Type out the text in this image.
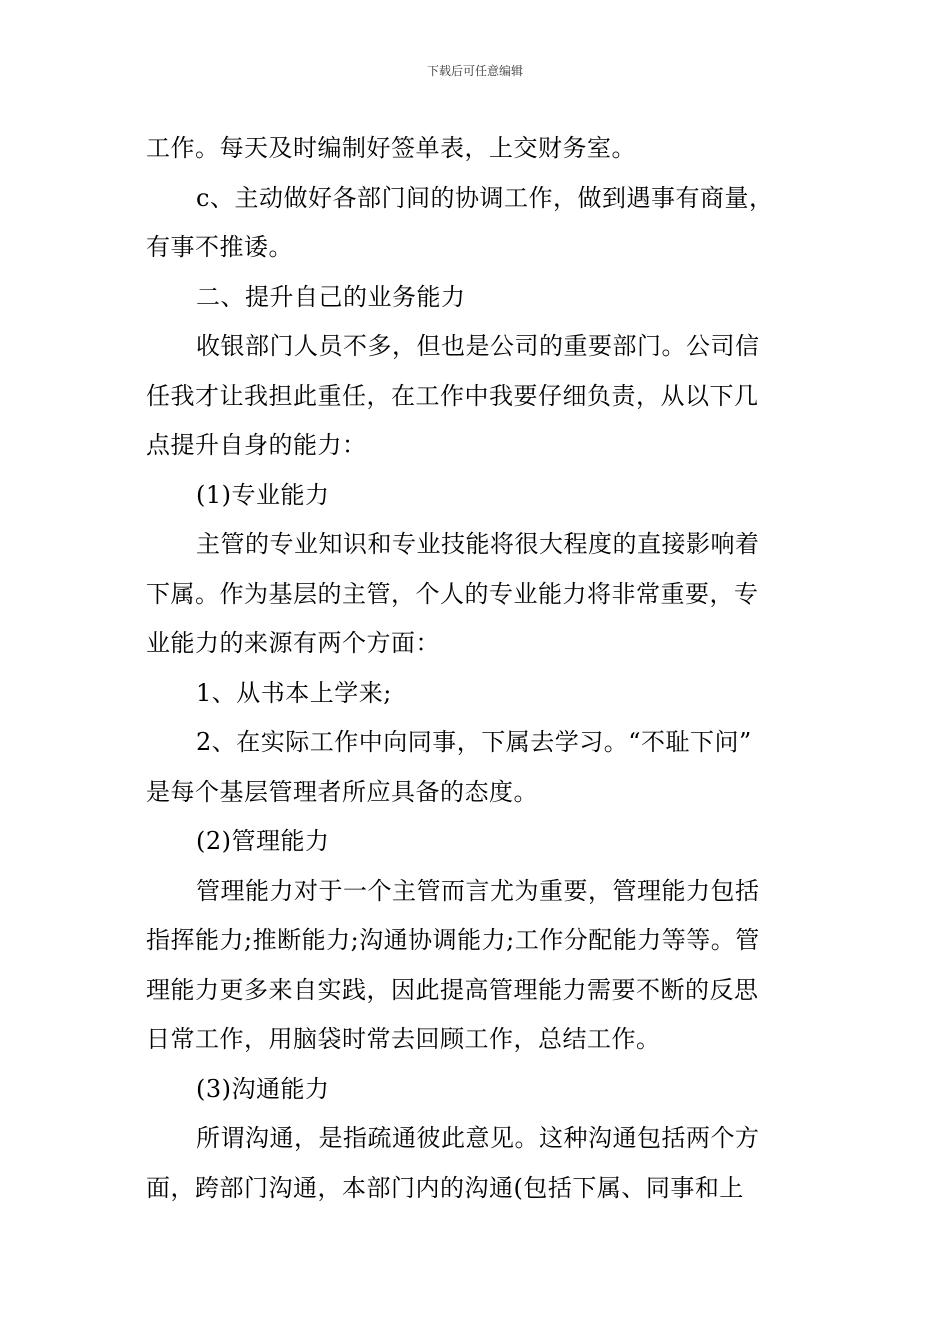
下载后可任意编辑
工作。每天及时编制好签单表，上交财务室。
c、主动做好各部门间的协调工作，做到遇事有商量，
有事不推诿。
二、提升自己的业务能力
收银部门人员不多，但也是公司的重要部门。公司信
任我才让我担此重任，在工作中我要仔细负责，从以下几
点提升自身的能力：
(1)专业能力
主管的专业知识和专业技能将很大程度的直接影响着
下属。作为基层的主管，个人的专业能力将非常重要，专
业能力的来源有两个方面：
1、从书本上学来;
2、在实际工作中向同事，下属去学习。“不耻下问”
是每个基层管理者所应具备的态度。
(2)管理能力
管理能力对于一个主管而言尤为重要，管理能力包括
指挥能力;推断能力;沟通协调能力;工作分配能力等等。管
理能力更多来自实践，因此提高管理能力需要不断的反思
日常工作，用脑袋时常去回顾工作，总结工作。
(3)沟通能力
所谓沟通，是指疏通彼此意见。这种沟通包括两个方
面，跨部门沟通，本部门内的沟通(包括下属、同事和上
